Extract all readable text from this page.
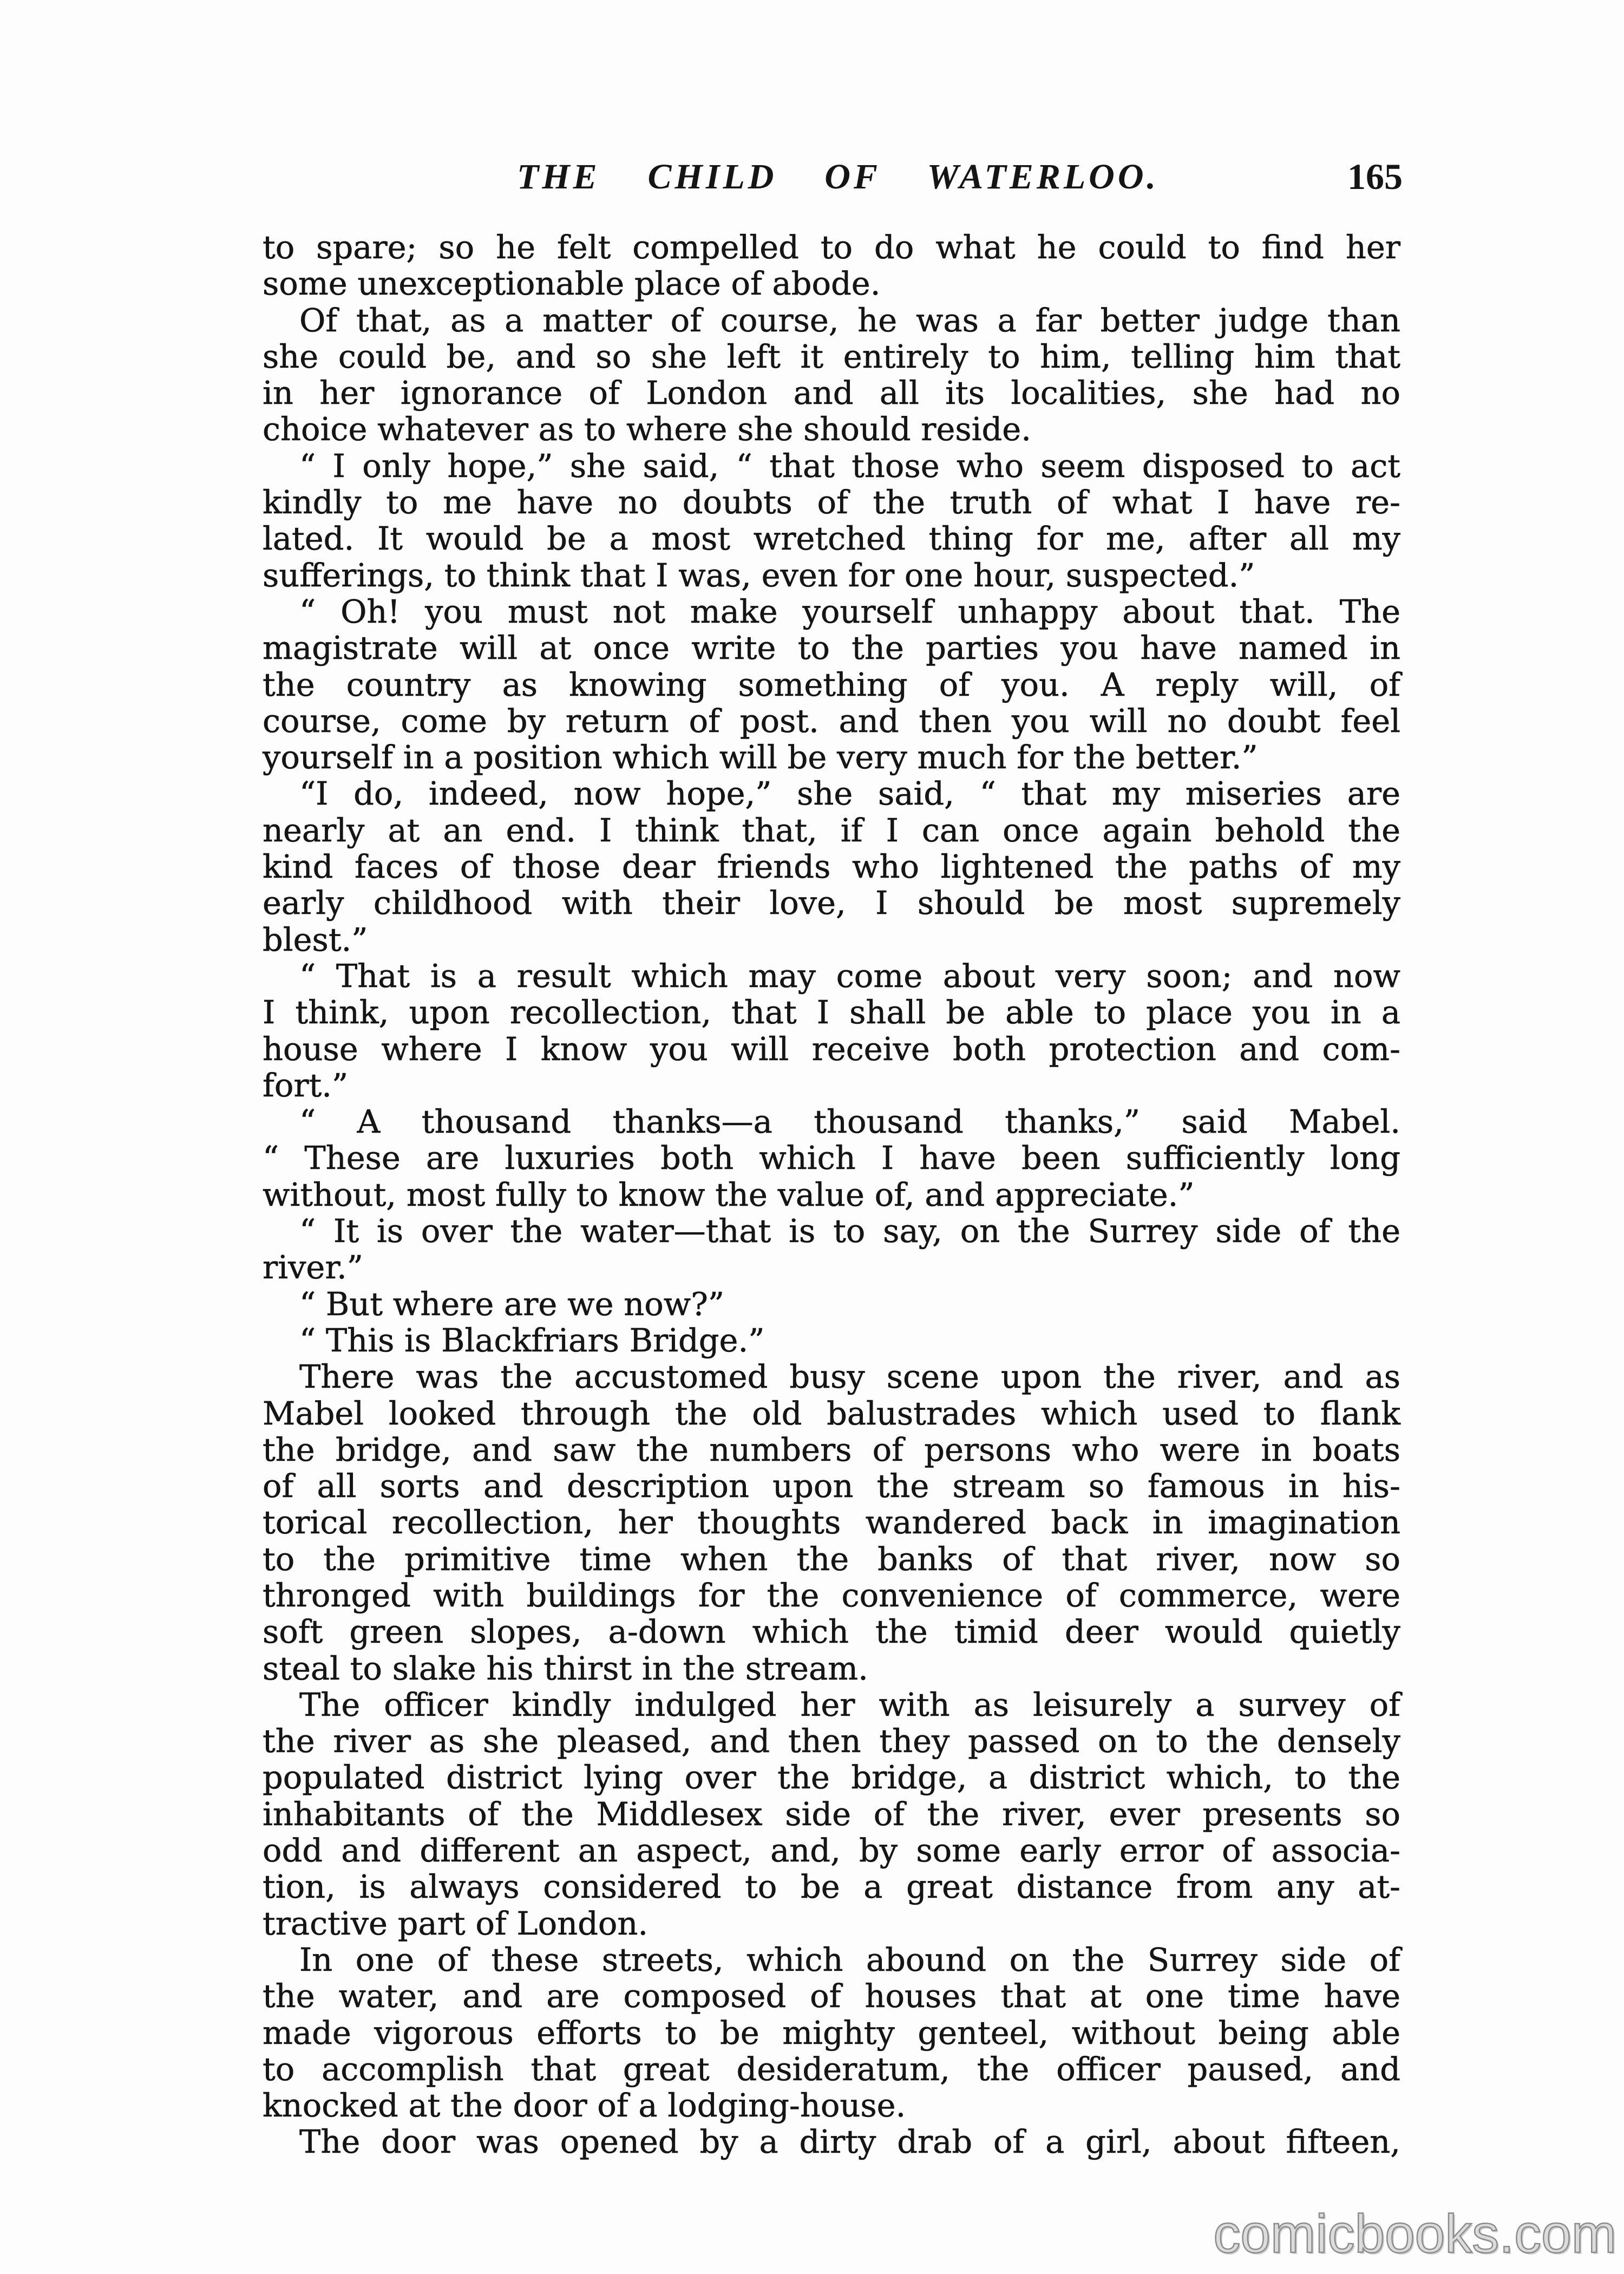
THE CHILD OF WATERLOO.	165
to spare; so he felt compelled to do what he could to find her
some unexceptionable place of abode.
Of that, as a matter of course, he was a far better judge than
she could be, and so she left it entirely to him, telling him that
in her ignorance of London and all its localities, she had no
choice whatever as to where she should reside.
“ I only hope,” she said, “ that those who seem disposed to act
kindly to me have no doubts of the truth of what I have re-
lated. It would be a most wretched thing for me, after all my
sufferings, to think that I was, even for one hour, suspected.”
“ Oh! you must not make yourself unhappy about that. The
magistrate will at once write to the parties you have named in
the country as knowing something of you. A reply will, of
course, come by return of post. and then you will no doubt feel
yourself in a position which will be very much for the better.”
“I do, indeed, now hope,” she said, “ that my miseries are
nearly at an end. I think that, if I can once again behold the
kind faces of those dear friends who lightened the paths of my
early childhood with their love, I should be most supremely
blest.”
“ That is a result which may come about very soon; and now
I think, upon recollection, that I shall be able to place you in a
house where I know you will receive both protection and com-
fort.”
“ A thousand thanks—a thousand thanks,” said Mabel.
“ These are luxuries both which I have been sufficiently long
without, most fully to know the value of, and appreciate.”
“ It is over the water—that is to say, on the Surrey side of the
river.”
“ But where are we now?”
“ This is Blackfriars Bridge.”
There was the accustomed busy scene upon the river, and as
Mabel looked through the old balustrades which used to flank
the bridge, and saw the numbers of persons who were in boats
of all sorts and description upon the stream so famous in his-
torical recollection, her thoughts wandered back in imagination
to the primitive time when the banks of that river, now so
thronged with buildings for the convenience of commerce, were
soft green slopes, a-down which the timid deer would quietly
steal to slake his thirst in the stream.
The officer kindly indulged her with as leisurely a survey of
the river as she pleased, and then they passed on to the densely
populated district lying over the bridge, a district which, to the
inhabitants of the Middlesex side of the river, ever presents so
odd and different an aspect, and, by some early error of associa-
tion, is always considered to be a great distance from any at-
tractive part of London.
In one of these streets, which abound on the Surrey side of
the water, and are composed of houses that at one time have
made vigorous efforts to be mighty genteel, without being able
to accomplish that great desideratum, the officer paused, and
knocked at the door of a lodging-house.
The door was opened by a dirty drab of a girl, about fifteen,
comicbooks.com
